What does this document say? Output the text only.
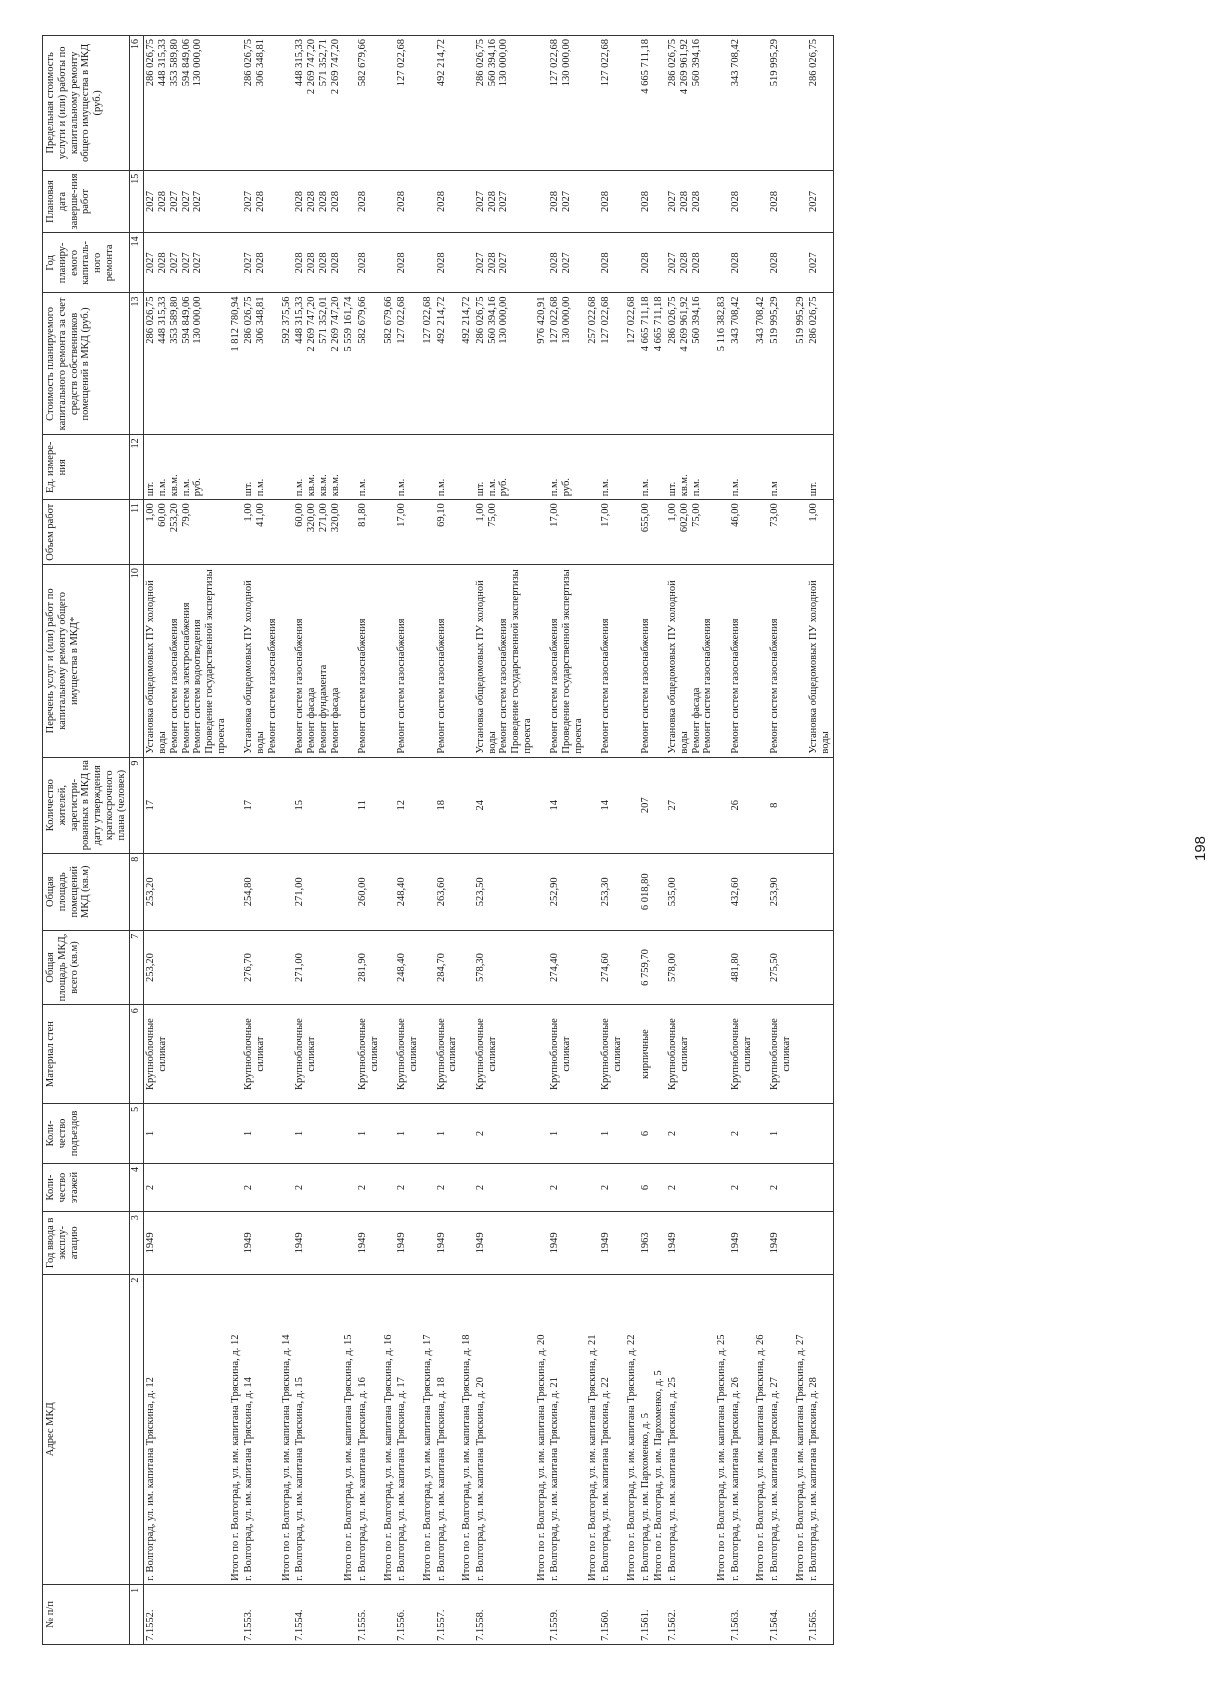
№ п/п	Адрес МКД	Год ввода в эксплу-атацию	Коли-чество этажей	Коли-чество подъездов	Материал стен	Общая площадь МКД, всего (кв.м)	Общая площадь помещений МКД (кв.м)	Количество жителей, зарегистри-рованных в МКД на дату утверждения краткосрочного плана (человек)	Перечень услуг и (или) работ по капитальному ремонту общего имущества в МКД*	Объем работ	Ед. измере-ния	Стоимость планируемого капитального ремонта за счет средств собственников помещений в МКД (руб.)	Год планиру-емого капиталь-ного ремонта	Плановая дата заверше-ния работ	Предельная стоимость услуги и (или) работы по капитальному ремонту общего имущества в МКД (руб.)
1	2	3	4	5	6	7	8	9	10	11	12	13	14	15	16
7.1552.	г. Волгоград, ул. им. капитана Тряскина, д. 12	1949	2	1	Крупноблочные силикат	253,20	253,20	17	Установка общедомовых ПУ холодной воды Ремонт систем газоснабжения Ремонт систем электроснабжения Ремонт систем водоотведения Проведение государственной экспертизы проекта	1,00 60,00 253,20 79,00	шт. п.м. кв.м. п.м. руб.	286 026,75 448 315,33 353 589,80 594 849,06 130 000,00	2027 2028 2027 2027 2027	2027 2028 2027 2027 2027	286 026,75 448 315,33 353 589,80 594 849,06 130 000,00

	Итого по г. Волгоград, ул. им. капитана Тряскина, д. 12											1 812 780,94			
7.1553.	г. Волгоград, ул. им. капитана Тряскина, д. 14	1949	2	1	Крупноблочные силикат	276,70	254,80	17	Установка общедомовых ПУ холодной воды Ремонт систем газоснабжения	1,00 41,00	шт. п.м.	286 026,75 306 348,81	2027 2028	2027 2028	286 026,75 306 348,81

	Итого по г. Волгоград, ул. им. капитана Тряскина, д. 14											592 375,56			
7.1554.	г. Волгоград, ул. им. капитана Тряскина, д. 15	1949	2	1	Крупноблочные силикат	271,00	271,00	15	Ремонт систем газоснабжения Ремонт фасада Ремонт фундамента Ремонт фасада	60,00 320,00 271,00 320,00	п.м. кв.м. кв.м. кв.м.	448 315,33 2 269 747,20 571 352,01 2 269 747,20	2028 2028 2028 2028	2028 2028 2028 2028	448 315,33 2 269 747,20 571 352,71 2 269 747,20

	Итого по г. Волгоград, ул. им. капитана Тряскина, д. 15											5 559 161,74			
7.1555.	г. Волгоград, ул. им. капитана Тряскина, д. 16	1949	2	1	Крупноблочные силикат	281,90	260,00	11	Ремонт систем газоснабжения	81,80	п.м.	582 679,66	2028	2028	582 679,66

	Итого по г. Волгоград, ул. им. капитана Тряскина, д. 16											582 679,66			
7.1556.	г. Волгоград, ул. им. капитана Тряскина, д. 17	1949	2	1	Крупноблочные силикат	248,40	248,40	12	Ремонт систем газоснабжения	17,00	п.м.	127 022,68	2028	2028	127 022,68

	Итого по г. Волгоград, ул. им. капитана Тряскина, д. 17											127 022,68			
7.1557.	г. Волгоград, ул. им. капитана Тряскина, д. 18	1949	2	1	Крупноблочные силикат	284,70	263,60	18	Ремонт систем газоснабжения	69,10	п.м.	492 214,72	2028	2028	492 214,72

	Итого по г. Волгоград, ул. им. капитана Тряскина, д. 18											492 214,72			
7.1558.	г. Волгоград, ул. им. капитана Тряскина, д. 20	1949	2	2	Крупноблочные силикат	578,30	523,50	24	Установка общедомовых ПУ холодной воды Ремонт систем газоснабжения Проведение государственной экспертизы проекта	1,00 75,00	шт. п.м. руб.	286 026,75 560 394,16 130 000,00	2027 2028 2027	2027 2028 2027	286 026,75 560 394,16 130 000,00

	Итого по г. Волгоград, ул. им. капитана Тряскина, д. 20											976 420,91			
7.1559.	г. Волгоград, ул. им. капитана Тряскина, д. 21	1949	2	1	Крупноблочные силикат	274,40	252,90	14	Ремонт систем газоснабжения Проведение государственной экспертизы проекта	17,00	п.м. руб.	127 022,68 130 000,00	2028 2027	2028 2027	127 022,68 130 000,00

	Итого по г. Волгоград, ул. им. капитана Тряскина, д. 21											257 022,68			
7.1560.	г. Волгоград, ул. им. капитана Тряскина, д. 22	1949	2	1	Крупноблочные силикат	274,60	253,30	14	Ремонт систем газоснабжения	17,00	п.м.	127 022,68	2028	2028	127 022,68

	Итого по г. Волгоград, ул. им. капитана Тряскина, д. 22											127 022,68			
7.1561.	г. Волгоград, ул. им. Пархоменко, д. 5	1963	6	6	кирпичные	6 759,70	6 018,80	207	Ремонт систем газоснабжения	655,00	п.м.	4 665 711,18	2028	2028	4 665 711,18

	Итого по г. Волгоград, ул. им. Пархоменко, д. 5											4 665 711,18			
7.1562.	г. Волгоград, ул. им. капитана Тряскина, д. 25	1949	2	2	Крупноблочные силикат	578,00	535,00	27	Установка общедомовых ПУ холодной воды Ремонт фасада Ремонт систем газоснабжения	1,00 602,00 75,00	шт. кв.м. п.м.	286 026,75 4 269 961,92 560 394,16	2027 2028 2028	2027 2028 2028	286 026,75 4 269 961,92 560 394,16

	Итого по г. Волгоград, ул. им. капитана Тряскина, д. 25											5 116 382,83			
7.1563.	г. Волгоград, ул. им. капитана Тряскина, д. 26	1949	2	2	Крупноблочные силикат	481,80	432,60	26	Ремонт систем газоснабжения	46,00	п.м.	343 708,42	2028	2028	343 708,42

	Итого по г. Волгоград, ул. им. капитана Тряскина, д. 26											343 708,42			
7.1564.	г. Волгоград, ул. им. капитана Тряскина, д. 27	1949	2	1	Крупноблочные силикат	275,50	253,90	8	Ремонт систем газоснабжения	73,00	п.м	519 995,29	2028	2028	519 995,29

	Итого по г. Волгоград, ул. им. капитана Тряскина, д. 27											519 995,29			
7.1565.	г. Волгоград, ул. им. капитана Тряскина, д. 28								Установка общедомовых ПУ холодной воды	1,00	шт.	286 026,75	2027	2027	286 026,75
198
